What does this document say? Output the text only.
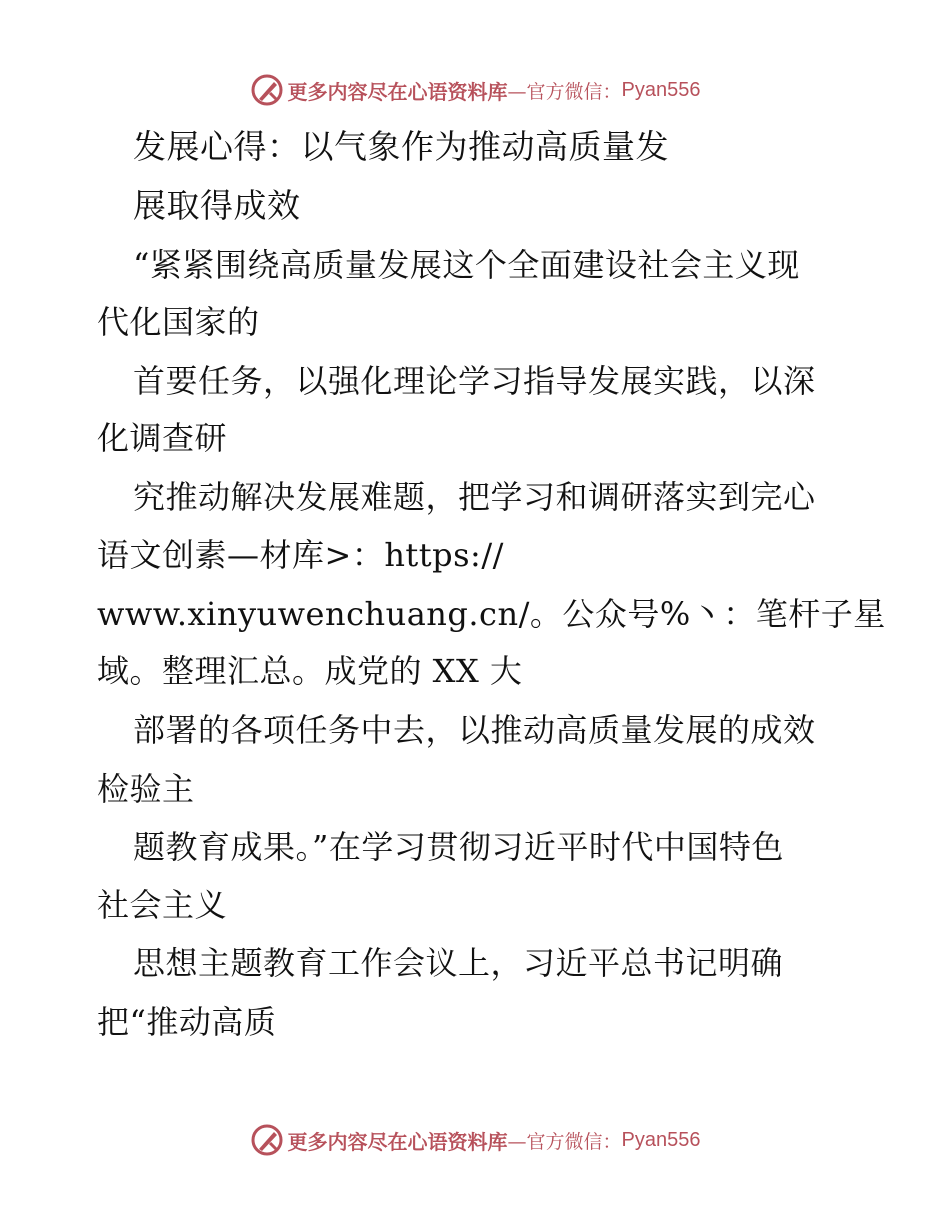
更多内容尽在心语资料库 —官方微信： Pyan556
发展心得：以气象作为推动高质量发
展取得成效
“紧紧围绕高质量发展这个全面建设社会主义现
代化国家的
首要任务，以强化理论学习指导发展实践，以深
化调查研
究推动解决发展难题，把学习和调研落实到完心
语文创素—材库>：https://
www.xinyuwenchuang.cn/。公众号%丶：笔杆子星
域。整理汇总。成党的 XX 大
部署的各项任务中去，以推动高质量发展的成效
检验主
题教育成果。”在学习贯彻习近平时代中国特色
社会主义
思想主题教育工作会议上，习近平总书记明确
把“推动高质
更多内容尽在心语资料库 —官方微信： Pyan556
